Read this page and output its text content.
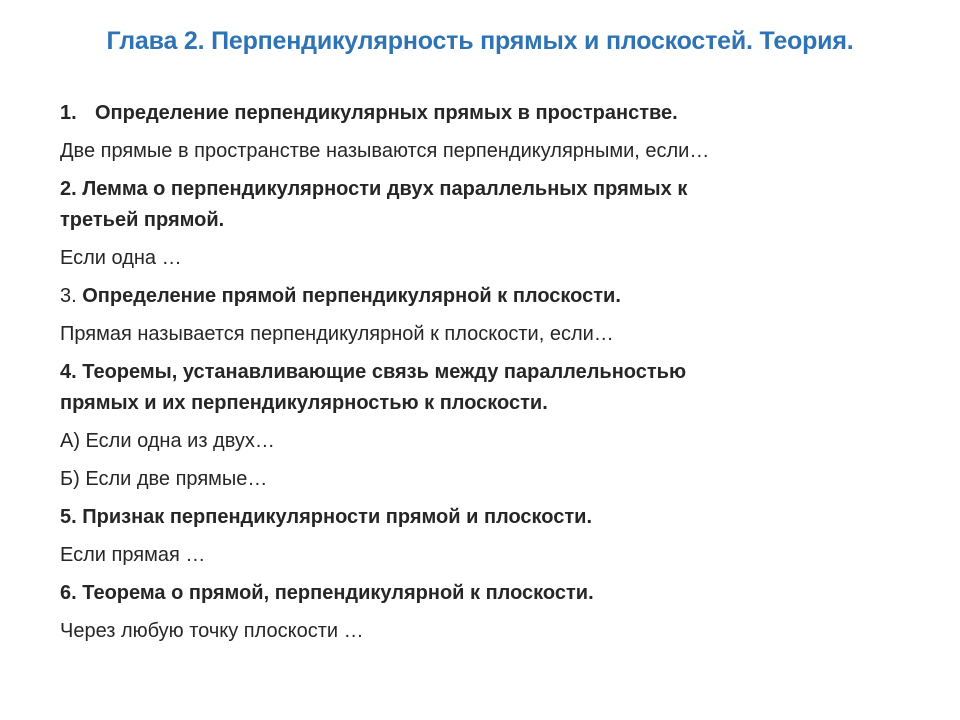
Глава 2. Перпендикулярность прямых и плоскостей. Теория.
1. Определение перпендикулярных прямых в пространстве.
Две прямые в пространстве называются перпендикулярными, если…
2. Лемма о перпендикулярности двух параллельных прямых к
третьей прямой.
Если одна …
3. Определение прямой перпендикулярной к плоскости.
Прямая называется перпендикулярной к плоскости, если…
4. Теоремы, устанавливающие связь между параллельностью
прямых и их перпендикулярностью к плоскости.
А) Если одна из двух…
Б) Если две прямые…
5. Признак перпендикулярности прямой и плоскости.
Если прямая …
6. Теорема о прямой, перпендикулярной к плоскости.
Через любую точку плоскости …
